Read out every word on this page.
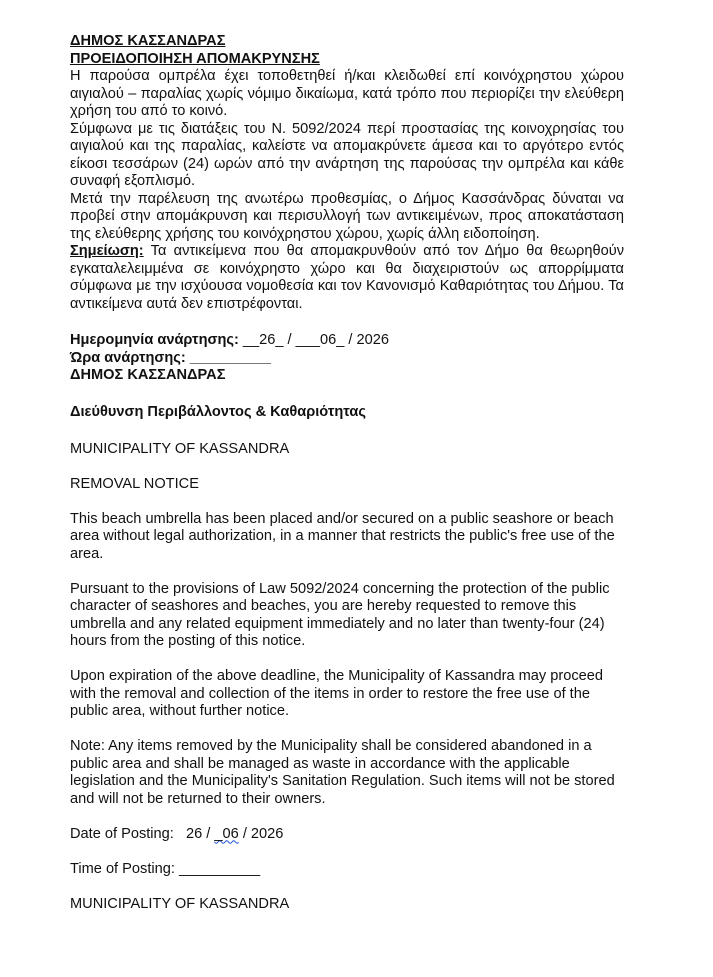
ΔΗΜΟΣ ΚΑΣΣΑΝΔΡΑΣ

ΠΡΟΕΙΔΟΠΟΙΗΣΗ ΑΠΟΜΑΚΡΥΝΣΗΣ

Η παρούσα ομπρέλα έχει τοποθετηθεί ή/και κλειδωθεί επί κοινόχρηστου χώρου αιγιαλού – παραλίας χωρίς νόμιμο δικαίωμα, κατά τρόπο που περιορίζει την ελεύθερη χρήση του από το κοινό.

Σύμφωνα με τις διατάξεις του Ν. 5092/2024 περί προστασίας της κοινοχρησίας του αιγιαλού και της παραλίας, καλείστε να απομακρύνετε άμεσα και το αργότερο εντός είκοσι τεσσάρων (24) ωρών από την ανάρτηση της παρούσας την ομπρέλα και κάθε συναφή εξοπλισμό.

Μετά την παρέλευση της ανωτέρω προθεσμίας, ο Δήμος Κασσάνδρας δύναται να προβεί στην απομάκρυνση και περισυλλογή των αντικειμένων, προς αποκατάσταση της ελεύθερης χρήσης του κοινόχρηστου χώρου, χωρίς άλλη ειδοποίηση.

Σημείωση: Τα αντικείμενα που θα απομακρυνθούν από τον Δήμο θα θεωρηθούν εγκαταλελειμμένα σε κοινόχρηστο χώρο και θα διαχειριστούν ως απορρίμματα σύμφωνα με την ισχύουσα νομοθεσία και τον Κανονισμό Καθαριότητας του Δήμου. Τα αντικείμενα αυτά δεν επιστρέφονται.

Ημερομηνία ανάρτησης: __26_ / ___06_ / 2026

Ώρα ανάρτησης: __________

ΔΗΜΟΣ ΚΑΣΣΑΝΔΡΑΣ

Διεύθυνση Περιβάλλοντος & Καθαριότητας

MUNICIPALITY OF KASSANDRA

REMOVAL NOTICE

This beach umbrella has been placed and/or secured on a public seashore or beach
area without legal authorization, in a manner that restricts the public's free use of the
area.
Pursuant to the provisions of Law 5092/2024 concerning the protection of the public
character of seashores and beaches, you are hereby requested to remove this
umbrella and any related equipment immediately and no later than twenty-four (24)
hours from the posting of this notice.
Upon expiration of the above deadline, the Municipality of Kassandra may proceed
with the removal and collection of the items in order to restore the free use of the
public area, without further notice.
Note: Any items removed by the Municipality shall be considered abandoned in a
public area and shall be managed as waste in accordance with the applicable
legislation and the Municipality's Sanitation Regulation. Such items will not be stored
and will not be returned to their owners.

Date of Posting:   26 / _06 / 2026

Time of Posting: __________

MUNICIPALITY OF KASSANDRA
